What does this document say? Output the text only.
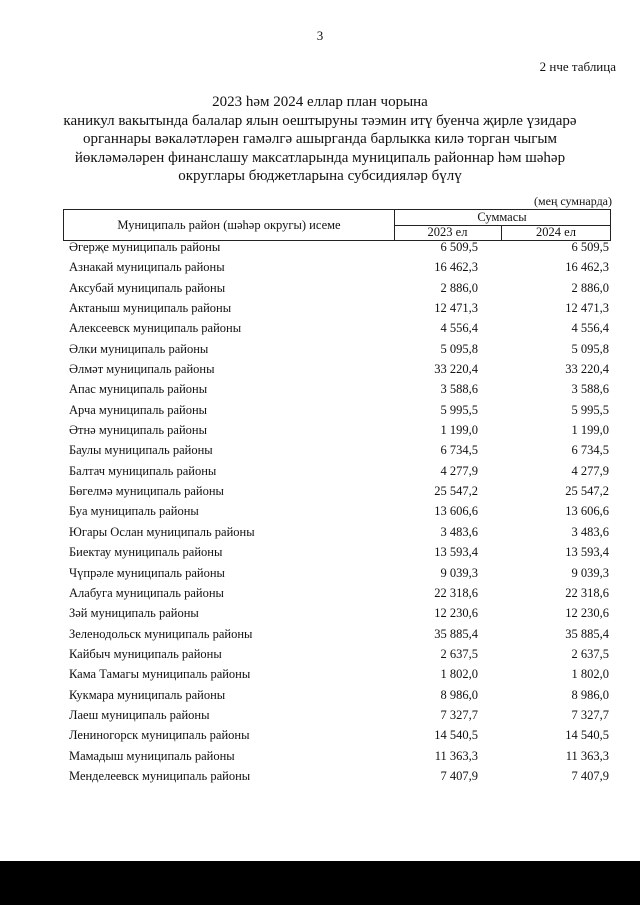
3
2 нче таблица
2023 һәм 2024 еллар план чорына
каникул вакытында балалар ялын оештыруны тәэмин итү буенча җирле үзидарә
органнары вәкаләтләрен гамәлгә ашырганда барлыкка килә торган чыгым
йөкләмәләрен финанслашу максатларында муниципаль районнар һәм шәһәр
округлары бюджетларына субсидияләр бүлү
(мең сумнарда)
Муниципаль район (шәһәр округы) исеме
Суммасы
2023 ел	2024 ел
Әгерҗе муниципаль районы	6 509,5	6 509,5
Азнакай муниципаль районы	16 462,3	16 462,3
Аксубай муниципаль районы	2 886,0	2 886,0
Актаныш муниципаль районы	12 471,3	12 471,3
Алексеевск муниципаль районы	4 556,4	4 556,4
Әлки муниципаль районы	5 095,8	5 095,8
Әлмәт муниципаль районы	33 220,4	33 220,4
Апас муниципаль районы	3 588,6	3 588,6
Арча муниципаль районы	5 995,5	5 995,5
Әтнә муниципаль районы	1 199,0	1 199,0
Баулы муниципаль районы	6 734,5	6 734,5
Балтач муниципаль районы	4 277,9	4 277,9
Бөгелмә муниципаль районы	25 547,2	25 547,2
Буа муниципаль районы	13 606,6	13 606,6
Югары Ослан муниципаль районы	3 483,6	3 483,6
Биектау муниципаль районы	13 593,4	13 593,4
Чүпрәле муниципаль районы	9 039,3	9 039,3
Алабуга муниципаль районы	22 318,6	22 318,6
Зәй муниципаль районы	12 230,6	12 230,6
Зеленодольск муниципаль районы	35 885,4	35 885,4
Кайбыч муниципаль районы	2 637,5	2 637,5
Кама Тамагы муниципаль районы	1 802,0	1 802,0
Кукмара муниципаль районы	8 986,0	8 986,0
Лаеш муниципаль районы	7 327,7	7 327,7
Лениногорск муниципаль районы	14 540,5	14 540,5
Мамадыш муниципаль районы	11 363,3	11 363,3
Менделеевск муниципаль районы	7 407,9	7 407,9
